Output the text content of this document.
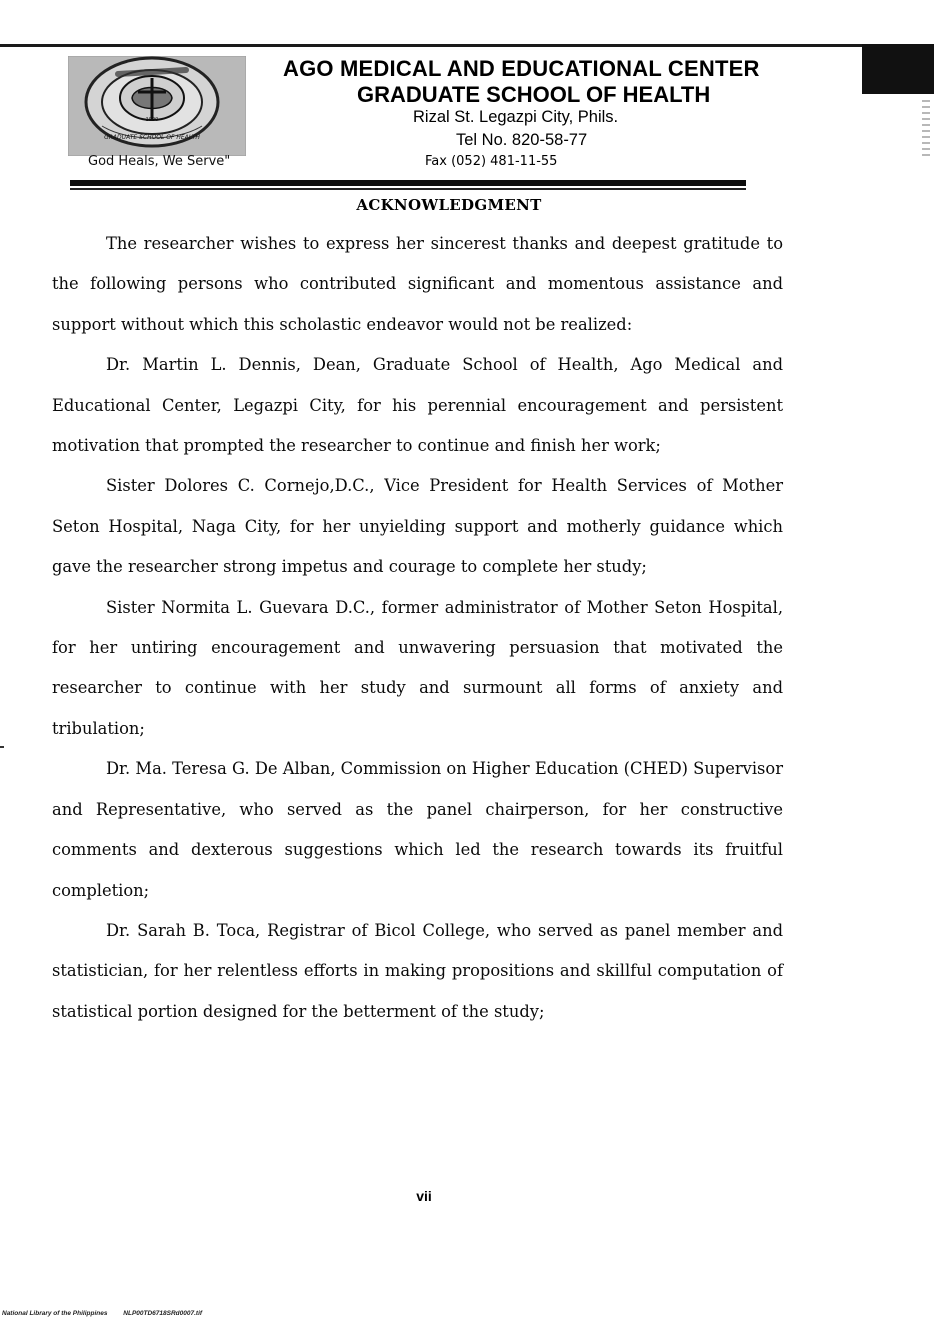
1990
GRADUATE SCHOOL OF HEALTH
God Heals, We Serve"
AGO MEDICAL AND EDUCATIONAL CENTER
GRADUATE SCHOOL OF HEALTH
Rizal St. Legazpi City, Phils.
Tel No. 820-58-77
Fax (052) 481-11-55
ACKNOWLEDGMENT

The researcher wishes to express her sincerest thanks and deepest gratitude to the following persons who contributed significant and momentous assistance and support without which this scholastic endeavor would not be realized:

Dr. Martin L. Dennis, Dean, Graduate School of Health, Ago Medical and Educational Center, Legazpi City, for his perennial encouragement and persistent motivation that prompted the researcher to continue and finish her work;

Sister Dolores C. Cornejo,D.C., Vice President for Health Services of Mother Seton Hospital, Naga City, for her unyielding support and motherly guidance which gave the researcher strong impetus and courage to complete her study;

Sister Normita L. Guevara D.C., former administrator of Mother Seton Hospital, for her untiring encouragement and unwavering persuasion that motivated the researcher to continue with her study and surmount all forms of anxiety and tribulation;

Dr. Ma. Teresa G. De Alban, Commission on Higher Education (CHED) Supervisor and Representative, who served as the panel chairperson, for her constructive comments and dexterous suggestions which led the research towards its fruitful completion;

Dr. Sarah B. Toca, Registrar of Bicol College, who served as panel member and statistician, for her relentless efforts in making propositions and skillful computation of statistical portion designed for the betterment of the study;

vii
National Library of the Philippines NLP00TD6718SRd0007.tif
